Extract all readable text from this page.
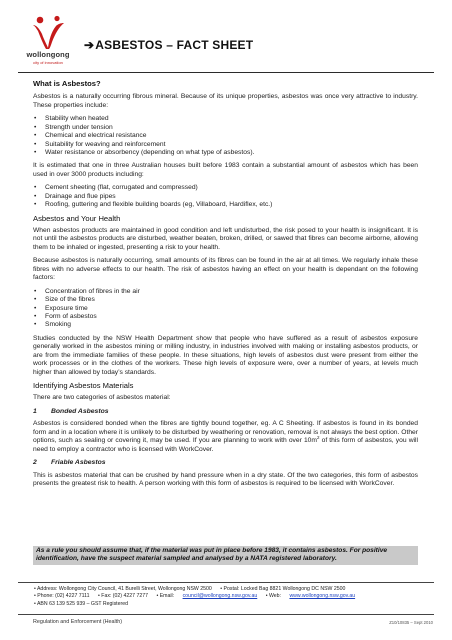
wollongong
city of innovation
➔ASBESTOS – FACT SHEET
What is Asbestos?

Asbestos is a naturally occurring fibrous mineral. Because of its unique properties, asbestos was once very attractive to industry. These properties include:

• Stability when heated
• Strength under tension
• Chemical and electrical resistance
• Suitability for weaving and reinforcement
• Water resistance or absorbency (depending on what type of asbestos).

It is estimated that one in three Australian houses built before 1983 contain a substantial amount of asbestos which has been used in over 3000 products including:

• Cement sheeting (flat, corrugated and compressed)
• Drainage and flue pipes
• Roofing, guttering and flexible building boards (eg, Villaboard, Hardiflex, etc.)
Asbestos and Your Health

When asbestos products are maintained in good condition and left undisturbed, the risk posed to your health is insignificant. It is not until the asbestos products are disturbed, weather beaten, broken, drilled, or sawed that fibres can become airborne, allowing them to be inhaled or ingested, presenting a risk to your health.

Because asbestos is naturally occurring, small amounts of its fibres can be found in the air at all times. We regularly inhale these fibres with no adverse effects to our health. The risk of asbestos having an effect on your health is dependant on the following factors:

• Concentration of fibres in the air
• Size of the fibres
• Exposure time
• Form of asbestos
• Smoking

Studies conducted by the NSW Health Department show that people who have suffered as a result of asbestos exposure generally worked in the asbestos mining or milling industry, in industries involved with making or installing asbestos products, or are from the immediate families of these people. In these situations, high levels of asbestos dust were present from either the work processes or in the clothes of the workers. These high levels of exposure were, over a number of years, at levels much higher than allowed by today’s standards.

Identifying Asbestos Materials

There are two categories of asbestos material:

1 Bonded Asbestos

Asbestos is considered bonded when the fibres are tightly bound together, eg. A C Sheeting. If asbestos is found in its bonded form and in a location where it is unlikely to be disturbed by weathering or renovation, removal is not always the best option. Other options, such as sealing or covering it, may be used. If you are planning to work with over $10m^2$ of this form of asbestos, you will need to employ a contractor who is licensed with WorkCover.

2 Friable Asbestos

This is asbestos material that can be crushed by hand pressure when in a dry state. Of the two categories, this form of asbestos presents the greatest risk to health. A person working with this form of asbestos is required to be licensed with WorkCover.

As a rule you should assume that, if the material was put in place before 1983, it contains asbestos. For positive identification, have the suspect material sampled and analysed by a NATA registered laboratory.
• Address: Wollongong City Council, 41 Burelli Street, Wollongong NSW 2500 • Postal: Locked Bag 8821 Wollongong DC NSW 2500
• Phone: (02) 4227 7111 • Fax: (02) 4227 7277 • Email: council@wollongong.nsw.gov.au • Web: www.wollongong.nsw.gov.au
• ABN 63 139 525 939 – GST Registered
Regulation and Enforcement (Health)	Z10/10835 – Sept 2010
